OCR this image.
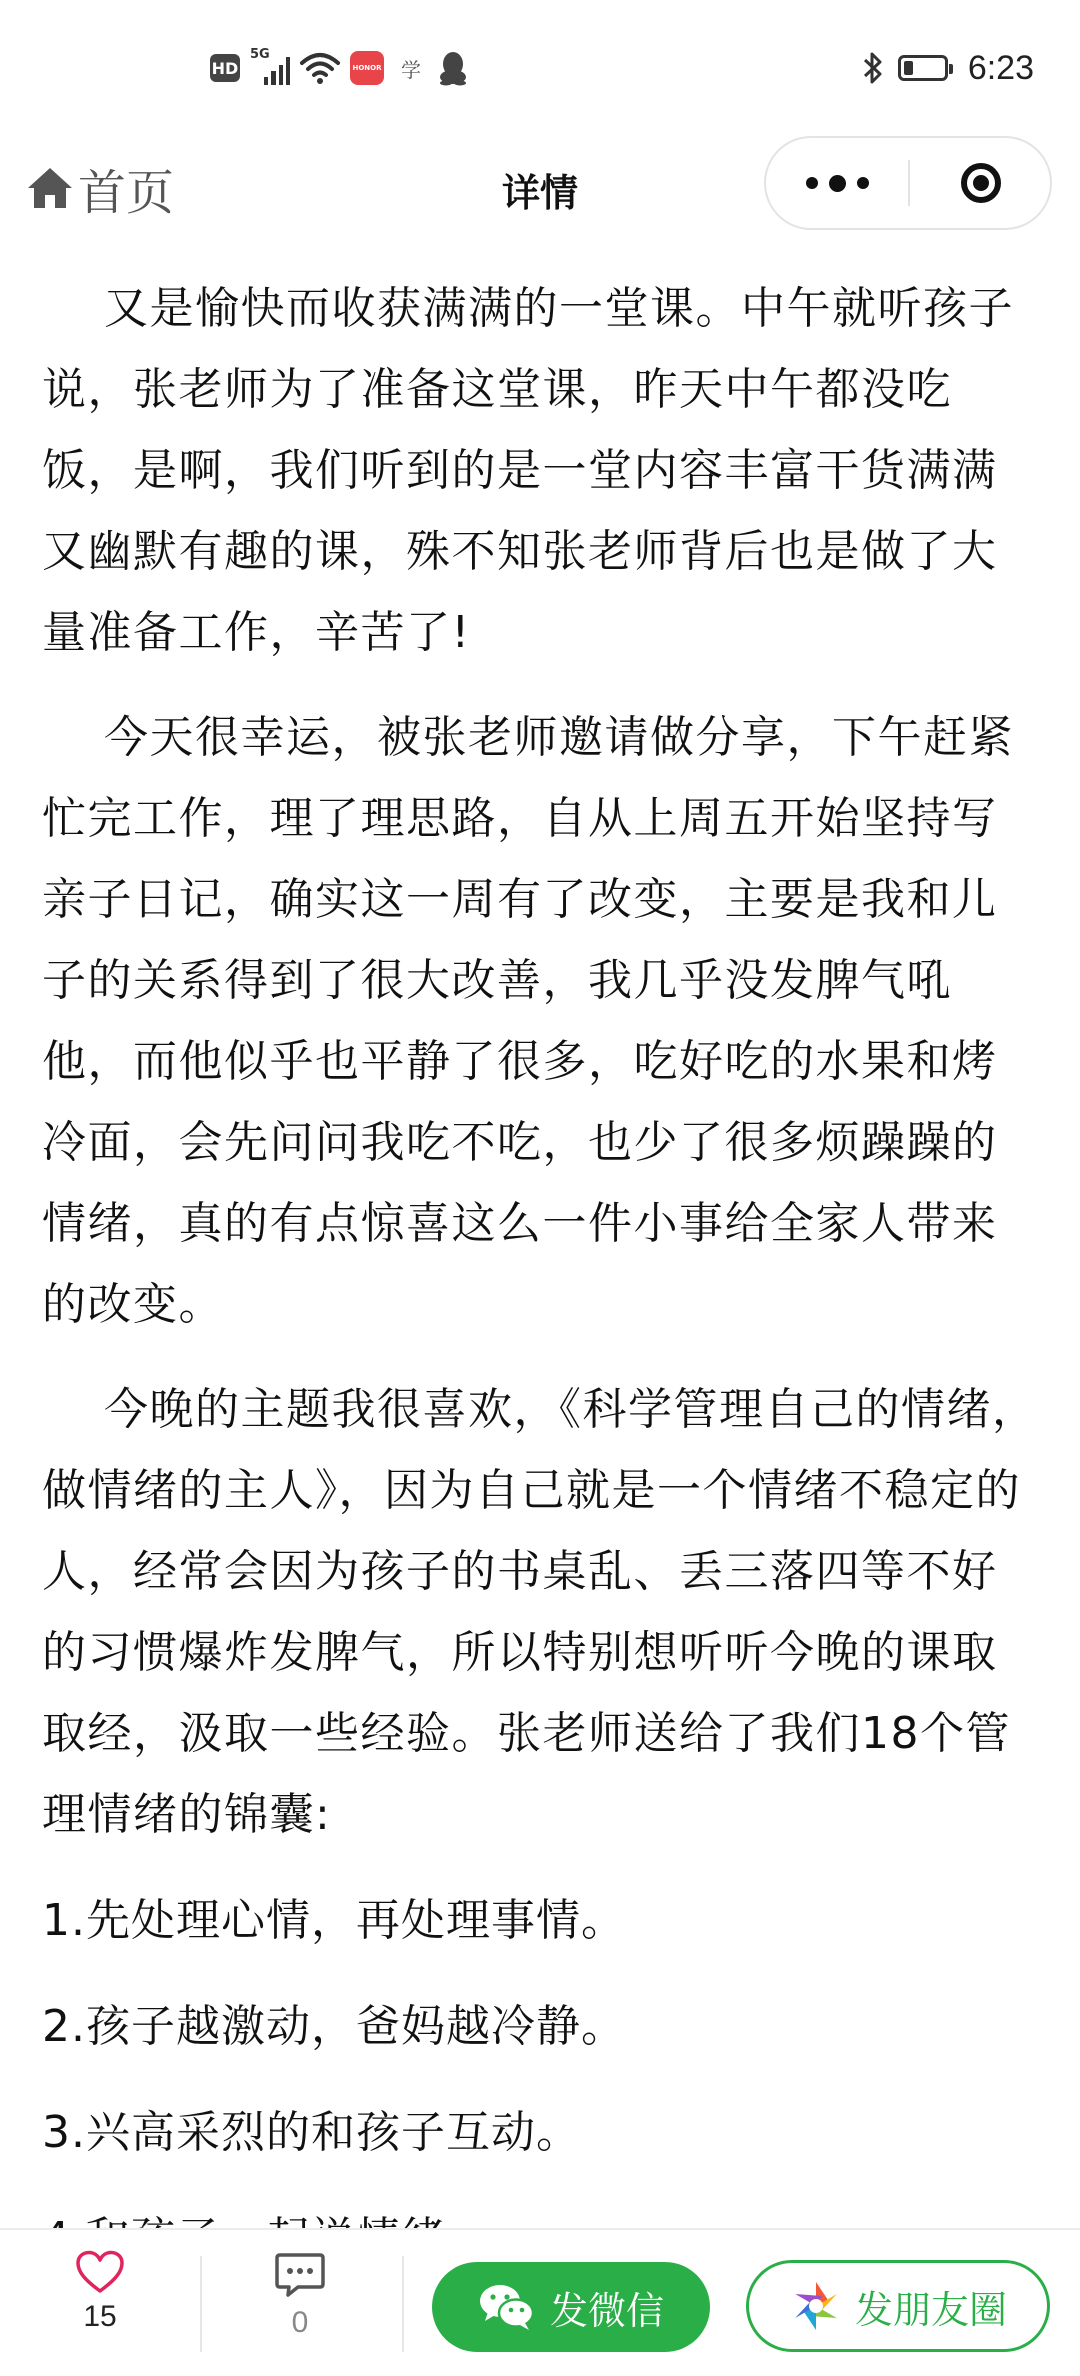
HD
5G
HONOR 学	6:23
首页	详情

又是愉快而收获满满的一堂课。中午就听孩子说，张老师为了准备这堂课，昨天中午都没吃饭，是啊，我们听到的是一堂内容丰富干货满满又幽默有趣的课，殊不知张老师背后也是做了大量准备工作，辛苦了!

今天很幸运，被张老师邀请做分享，下午赶紧忙完工作，理了理思路，自从上周五开始坚持写亲子日记，确实这一周有了改变，主要是我和儿子的关系得到了很大改善，我几乎没发脾气吼他，而他似乎也平静了很多，吃好吃的水果和烤冷面，会先问问我吃不吃，也少了很多烦躁躁的情绪，真的有点惊喜这么一件小事给全家人带来的改变。

今晚的主题我很喜欢，《科学管理自己的情绪，做情绪的主人》，因为自己就是一个情绪不稳定的人，经常会因为孩子的书桌乱、丢三落四等不好的习惯爆炸发脾气，所以特别想听听今晚的课取取经，汲取一些经验。张老师送给了我们18个管理情绪的锦囊:

1.先处理心情，再处理事情。

2.孩子越激动，爸妈越冷静。

3.兴高采烈的和孩子互动。

15	0	发微信	发朋友圈
